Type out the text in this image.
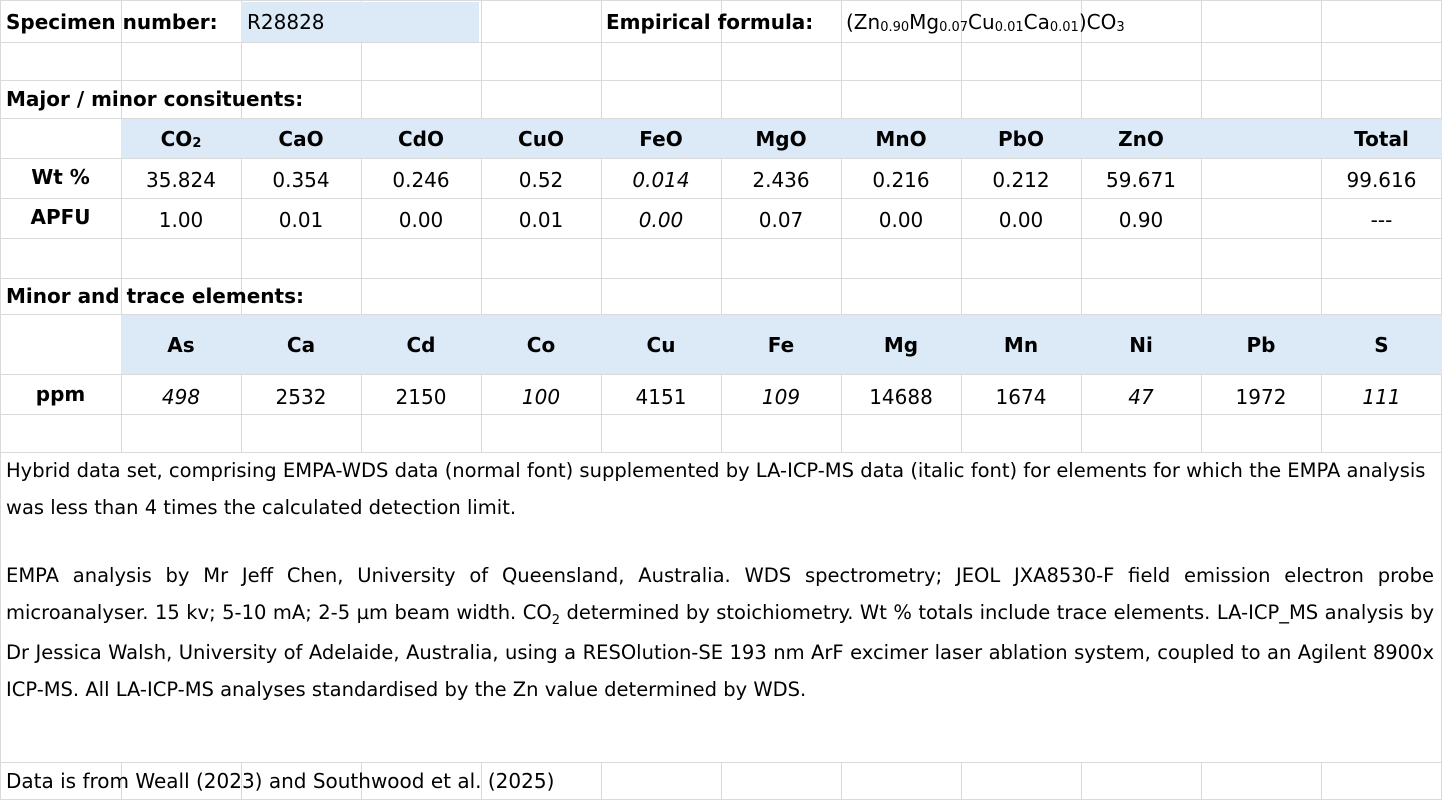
Specimen number:	R28828	Empirical formula: (Zn 0.90 Mg 0.07 Cu 0.01 Ca 0.01 )CO 3
Major / minor consituents:
CO 2	CaO	CdO	CuO	FeO	MgO	MnO	PbO	ZnO	Total
Wt %	35.824	0.354	0.246	0.52	0.014	2.436	0.216	0.212	59.671	99.616
APFU	1.00	0.01	0.00	0.01	0.00	0.07	0.00	0.00	0.90	---
Minor and trace elements:
As	Ca	Cd	Co	Cu	Fe	Mg	Mn	Ni	Pb	S
ppm	498	2532	2150	100	4151	109	14688	1674	47	1972	111

Hybrid data set, comprising EMPA-WDS data (normal font) supplemented by LA-ICP-MS data (italic font) for elements for which the EMPA analysis was less than 4 times the calculated detection limit.

EMPA analysis by Mr Jeff Chen, University of Queensland, Australia. WDS spectrometry; JEOL JXA8530-F field emission electron probe microanalyser. 15 kv; 5-10 mA; 2-5 µm beam width. $CO_2$ determined by stoichiometry. Wt % totals include trace elements. LA-ICP_MS analysis by Dr Jessica Walsh, University of Adelaide, Australia, using a RESOlution-SE 193 nm ArF excimer laser ablation system, coupled to an Agilent 8900x ICP-MS. All LA-ICP-MS analyses standardised by the Zn value determined by WDS.

Data is from Weall (2023) and Southwood et al. (2025)
